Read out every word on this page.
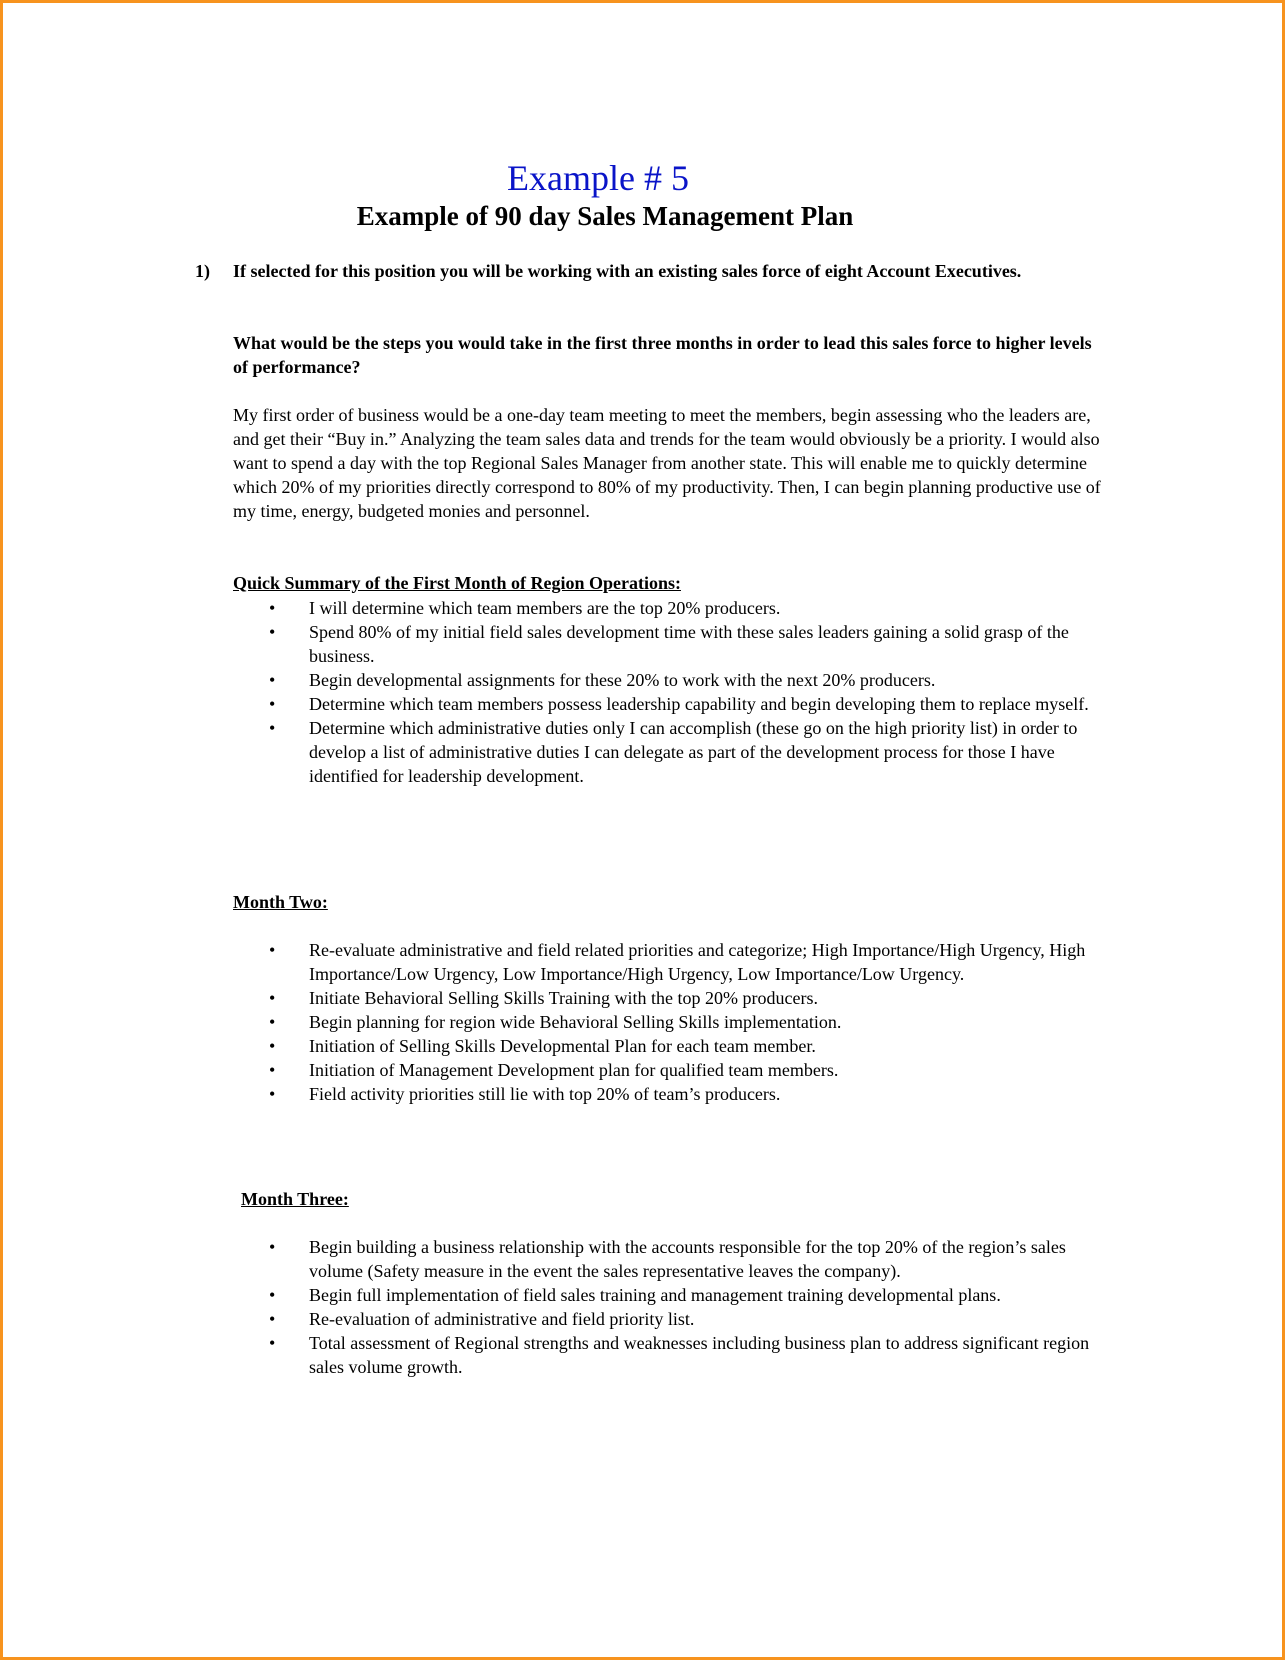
Example # 5
Example of 90 day Sales Management Plan
1) If selected for this position you will be working with an existing sales force of eight Account Executives.
What would be the steps you would take in the first three months in order to lead this sales force to higher levels of performance?
My first order of business would be a one-day team meeting to meet the members, begin assessing who the leaders are, and get their “Buy in.” Analyzing the team sales data and trends for the team would obviously be a priority. I would also want to spend a day with the top Regional Sales Manager from another state. This will enable me to quickly determine which 20% of my priorities directly correspond to 80% of my productivity. Then, I can begin planning productive use of my time, energy, budgeted monies and personnel.
Quick Summary of the First Month of Region Operations:
• I will determine which team members are the top 20% producers.
• Spend 80% of my initial field sales development time with these sales leaders gaining a solid grasp of the business.
• Begin developmental assignments for these 20% to work with the next 20% producers.
• Determine which team members possess leadership capability and begin developing them to replace myself.
• Determine which administrative duties only I can accomplish (these go on the high priority list) in order to develop a list of administrative duties I can delegate as part of the development process for those I have identified for leadership development.
Month Two:
• Re-evaluate administrative and field related priorities and categorize; High Importance/High Urgency, High Importance/Low Urgency, Low Importance/High Urgency, Low Importance/Low Urgency.
• Initiate Behavioral Selling Skills Training with the top 20% producers.
• Begin planning for region wide Behavioral Selling Skills implementation.
• Initiation of Selling Skills Developmental Plan for each team member.
• Initiation of Management Development plan for qualified team members.
• Field activity priorities still lie with top 20% of team’s producers.
Month Three:
• Begin building a business relationship with the accounts responsible for the top 20% of the region’s sales volume (Safety measure in the event the sales representative leaves the company).
• Begin full implementation of field sales training and management training developmental plans.
• Re-evaluation of administrative and field priority list.
• Total assessment of Regional strengths and weaknesses including business plan to address significant region sales volume growth.
